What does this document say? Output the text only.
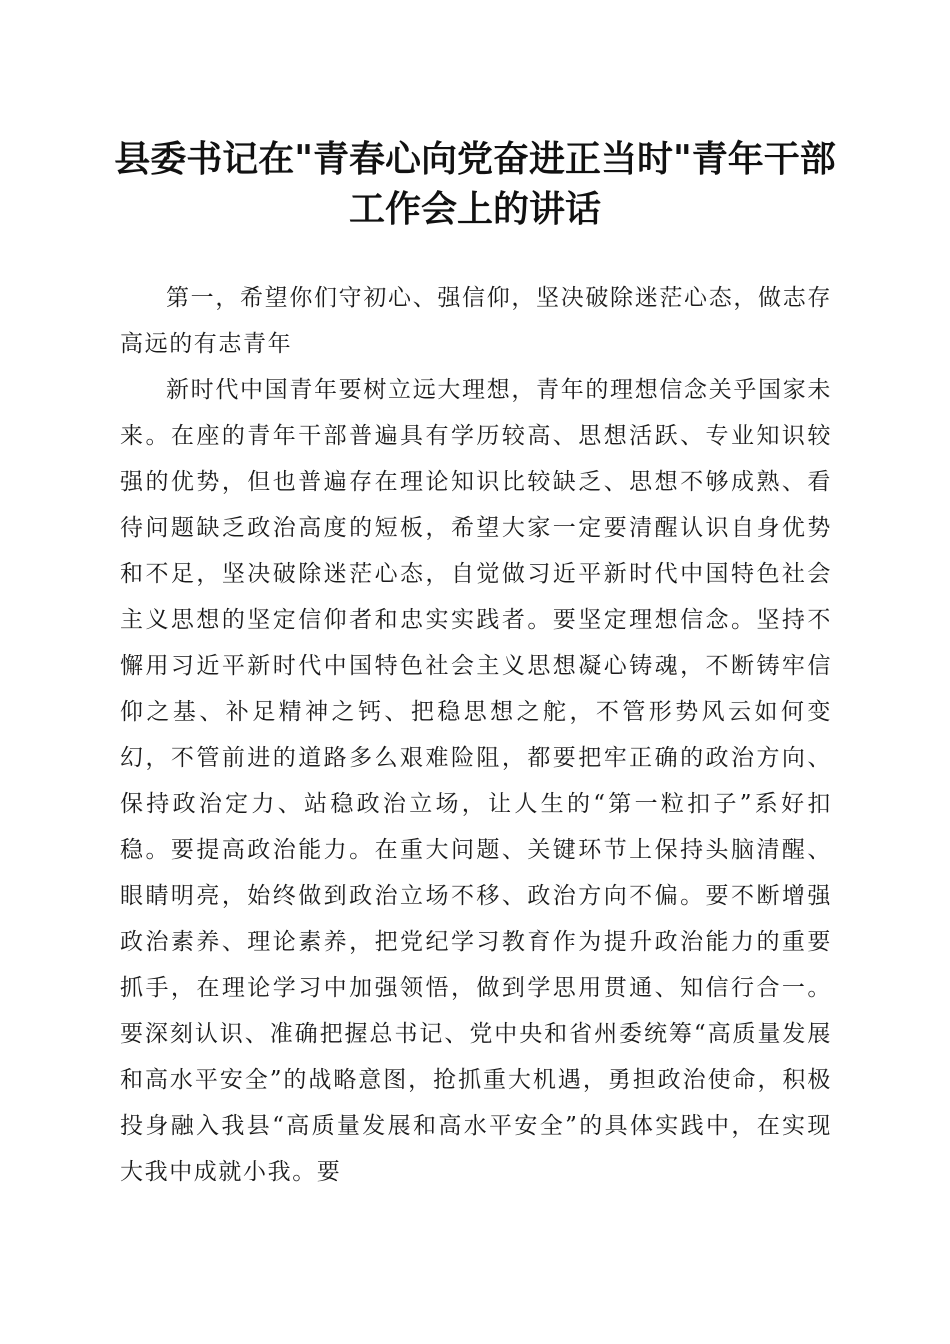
县委书记在"青春心向党奋进正当时"青年干部工作会上的讲话

第一，希望你们守初心、强信仰，坚决破除迷茫心态，做志存高远的有志青年

新时代中国青年要树立远大理想，青年的理想信念关乎国家未来。在座的青年干部普遍具有学历较高、思想活跃、专业知识较强的优势，但也普遍存在理论知识比较缺乏、思想不够成熟、看待问题缺乏政治高度的短板，希望大家一定要清醒认识自身优势和不足，坚决破除迷茫心态，自觉做习近平新时代中国特色社会主义思想的坚定信仰者和忠实实践者。要坚定理想信念。坚持不懈用习近平新时代中国特色社会主义思想凝心铸魂，不断铸牢信仰之基、补足精神之钙、把稳思想之舵，不管形势风云如何变幻，不管前进的道路多么艰难险阻，都要把牢正确的政治方向、保持政治定力、站稳政治立场，让人生的“第一粒扣子”系好扣稳。要提高政治能力。在重大问题、关键环节上保持头脑清醒、眼睛明亮，始终做到政治立场不移、政治方向不偏。要不断增强政治素养、理论素养，把党纪学习教育作为提升政治能力的重要抓手，在理论学习中加强领悟，做到学思用贯通、知信行合一。要深刻认识、准确把握总书记、党中央和省州委统筹“高质量发展和高水平安全”的战略意图，抢抓重大机遇，勇担政治使命，积极投身融入我县“高质量发展和高水平安全”的具体实践中，在实现大我中成就小我。要
